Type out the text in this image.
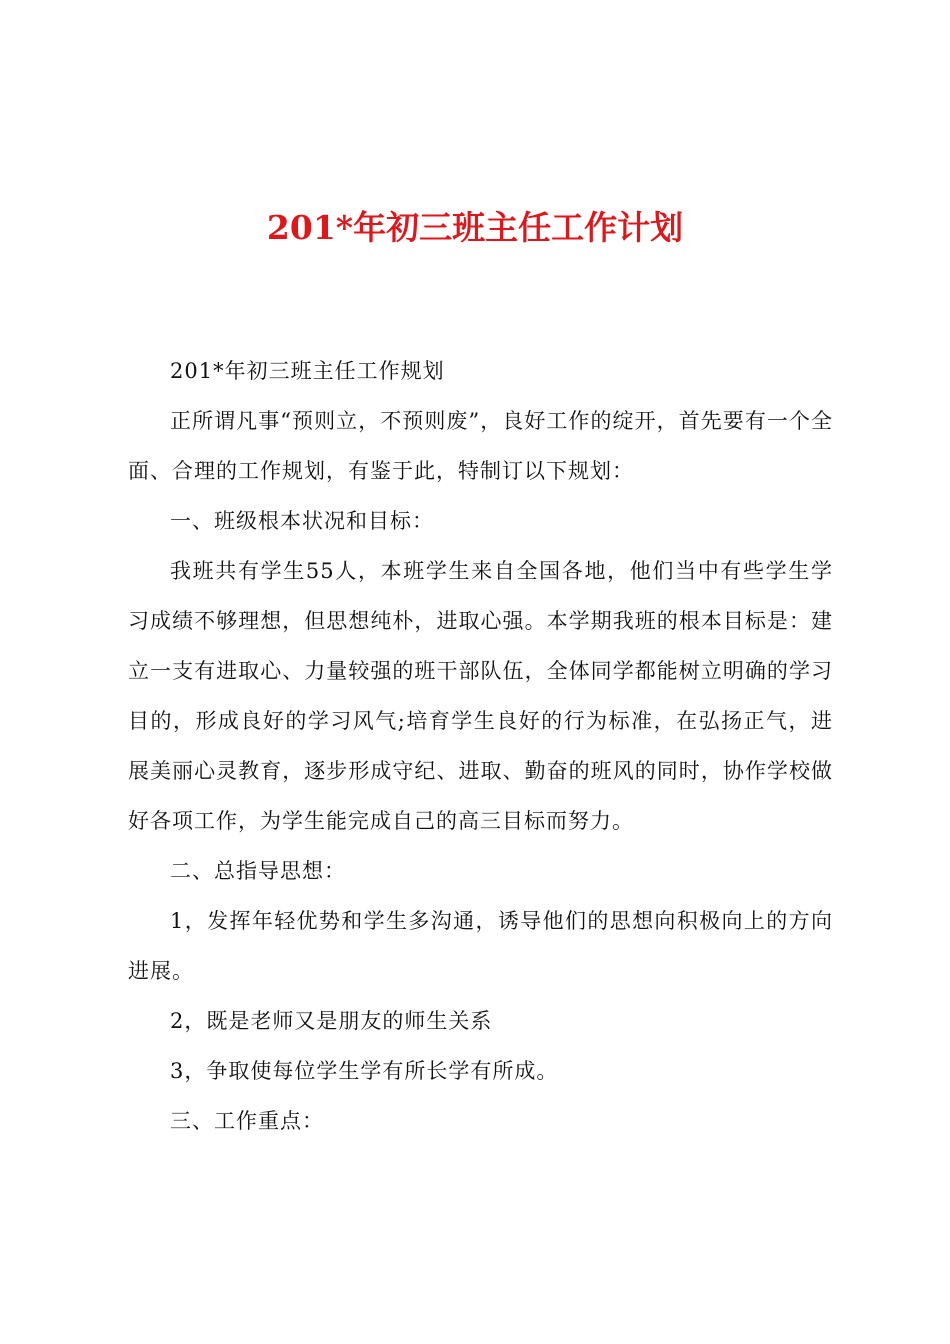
201*年初三班主任工作计划

201*年初三班主任工作规划

正所谓凡事“预则立，不预则废”，良好工作的绽开，首先要有一个全面、合理的工作规划，有鉴于此，特制订以下规划：

一、班级根本状况和目标：

我班共有学生55人，本班学生来自全国各地，他们当中有些学生学习成绩不够理想，但思想纯朴，进取心强。本学期我班的根本目标是：建立一支有进取心、力量较强的班干部队伍，全体同学都能树立明确的学习目的，形成良好的学习风气;培育学生良好的行为标准，在弘扬正气，进展美丽心灵教育，逐步形成守纪、进取、勤奋的班风的同时，协作学校做好各项工作，为学生能完成自己的高三目标而努力。

二、总指导思想：

1，发挥年轻优势和学生多沟通，诱导他们的思想向积极向上的方向进展。

2，既是老师又是朋友的师生关系

3，争取使每位学生学有所长学有所成。

三、工作重点：
